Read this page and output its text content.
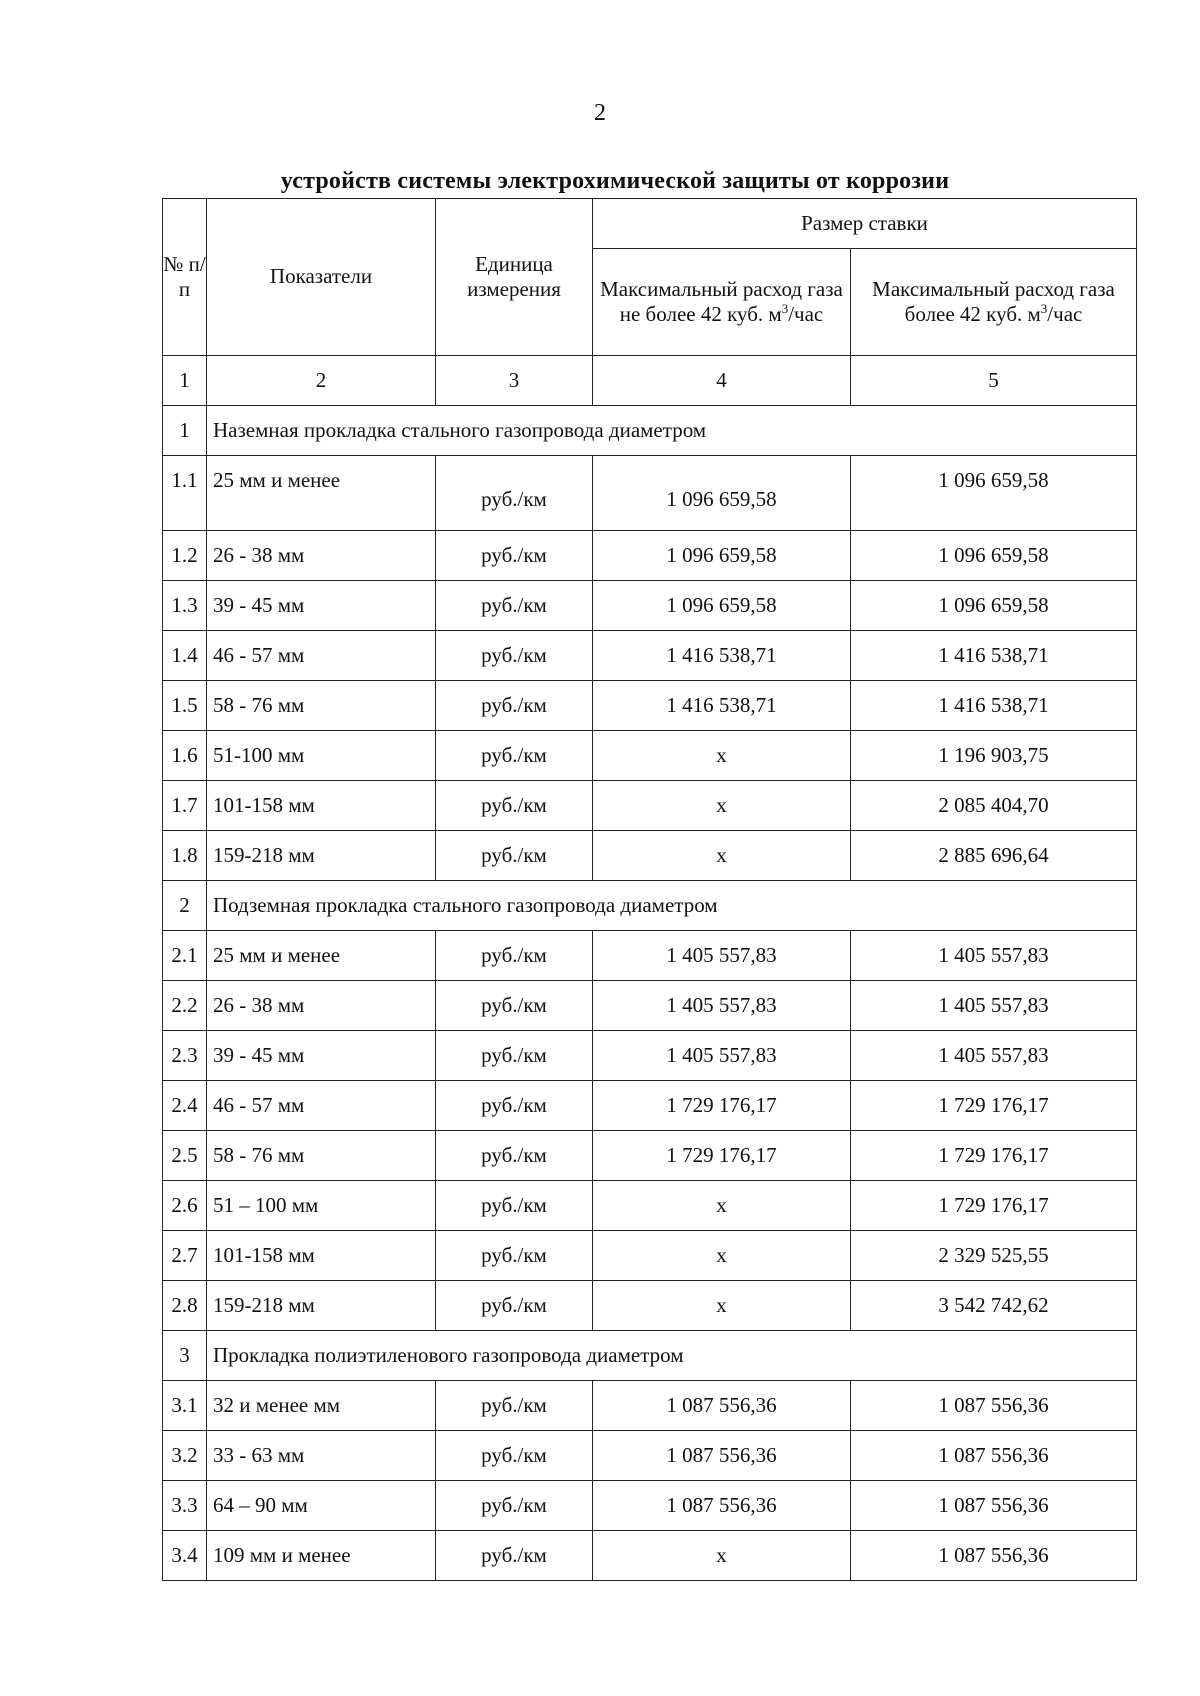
2
устройств системы электрохимической защиты от коррозии
№ п/п	Показатели	Единица измерения	Размер ставки	
			Максимальный расход газа не более 42 куб. $м^3$/час	Максимальный расход газа более 42 куб. $м^3$/час
1	2	3	4	5
1	Наземная прокладка стального газопровода диаметром			
1.1	25 мм и менее	руб./км	1 096 659,58	1 096 659,58
1.2	26 - 38 мм	руб./км	1 096 659,58	1 096 659,58
1.3	39 - 45 мм	руб./км	1 096 659,58	1 096 659,58
1.4	46 - 57 мм	руб./км	1 416 538,71	1 416 538,71
1.5	58 - 76 мм	руб./км	1 416 538,71	1 416 538,71
1.6	51-100 мм	руб./км	х	1 196 903,75
1.7	101-158 мм	руб./км	х	2 085 404,70
1.8	159-218 мм	руб./км	х	2 885 696,64
2	Подземная прокладка стального газопровода диаметром			
2.1	25 мм и менее	руб./км	1 405 557,83	1 405 557,83
2.2	26 - 38 мм	руб./км	1 405 557,83	1 405 557,83
2.3	39 - 45 мм	руб./км	1 405 557,83	1 405 557,83
2.4	46 - 57 мм	руб./км	1 729 176,17	1 729 176,17
2.5	58 - 76 мм	руб./км	1 729 176,17	1 729 176,17
2.6	51 – 100 мм	руб./км	х	1 729 176,17
2.7	101-158 мм	руб./км	х	2 329 525,55
2.8	159-218 мм	руб./км	х	3 542 742,62
3	Прокладка полиэтиленового газопровода диаметром			
3.1	32 и менее мм	руб./км	1 087 556,36	1 087 556,36
3.2	33 - 63 мм	руб./км	1 087 556,36	1 087 556,36
3.3	64 – 90 мм	руб./км	1 087 556,36	1 087 556,36
3.4	109 мм и менее	руб./км	х	1 087 556,36
